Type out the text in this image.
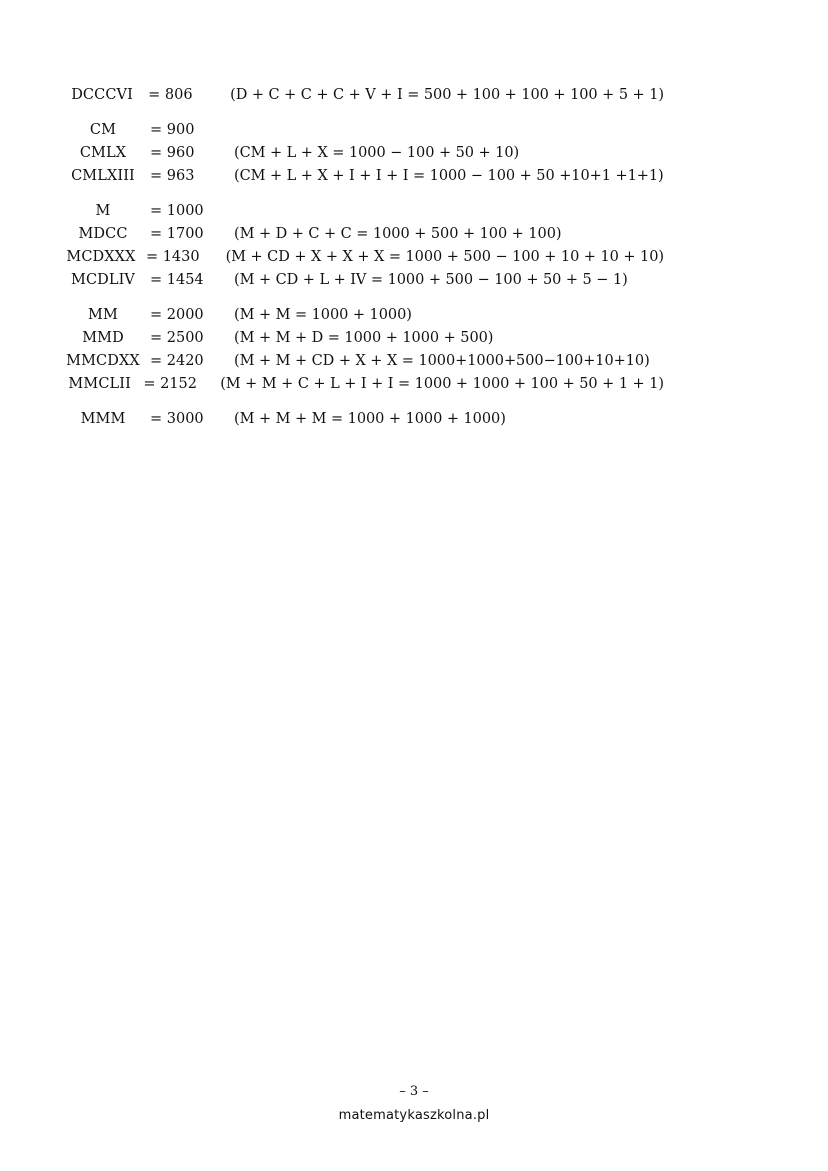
DCCCVI	= 806	(D + C + C + C + V + I = 500 + 100 + 100 + 100 + 5 + 1)
CM	= 900
CMLX	= 960	(CM + L + X = 1000 − 100 + 50 + 10)
CMLXIII	= 963	(CM + L + X + I + I + I = 1000 − 100 + 50 +10+1 +1+1)
M	= 1000
MDCC	= 1700	(M + D + C + C = 1000 + 500 + 100 + 100)
MCDXXX = 1430	(M + CD + X + X + X = 1000 + 500 − 100 + 10 + 10 + 10)
MCDLIV	= 1454	(M + CD + L + IV = 1000 + 500 − 100 + 50 + 5 − 1)
MM	= 2000	(M + M = 1000 + 1000)
MMD	= 2500	(M + M + D = 1000 + 1000 + 500)
MMCDXX = 2420	(M + M + CD + X + X = 1000+1000+500−100+10+10)
MMCLII = 2152	(M + M + C + L + I + I = 1000 + 1000 + 100 + 50 + 1 + 1)
MMM	= 3000	(M + M + M = 1000 + 1000 + 1000)
– 3 –
matematykaszkolna.pl
